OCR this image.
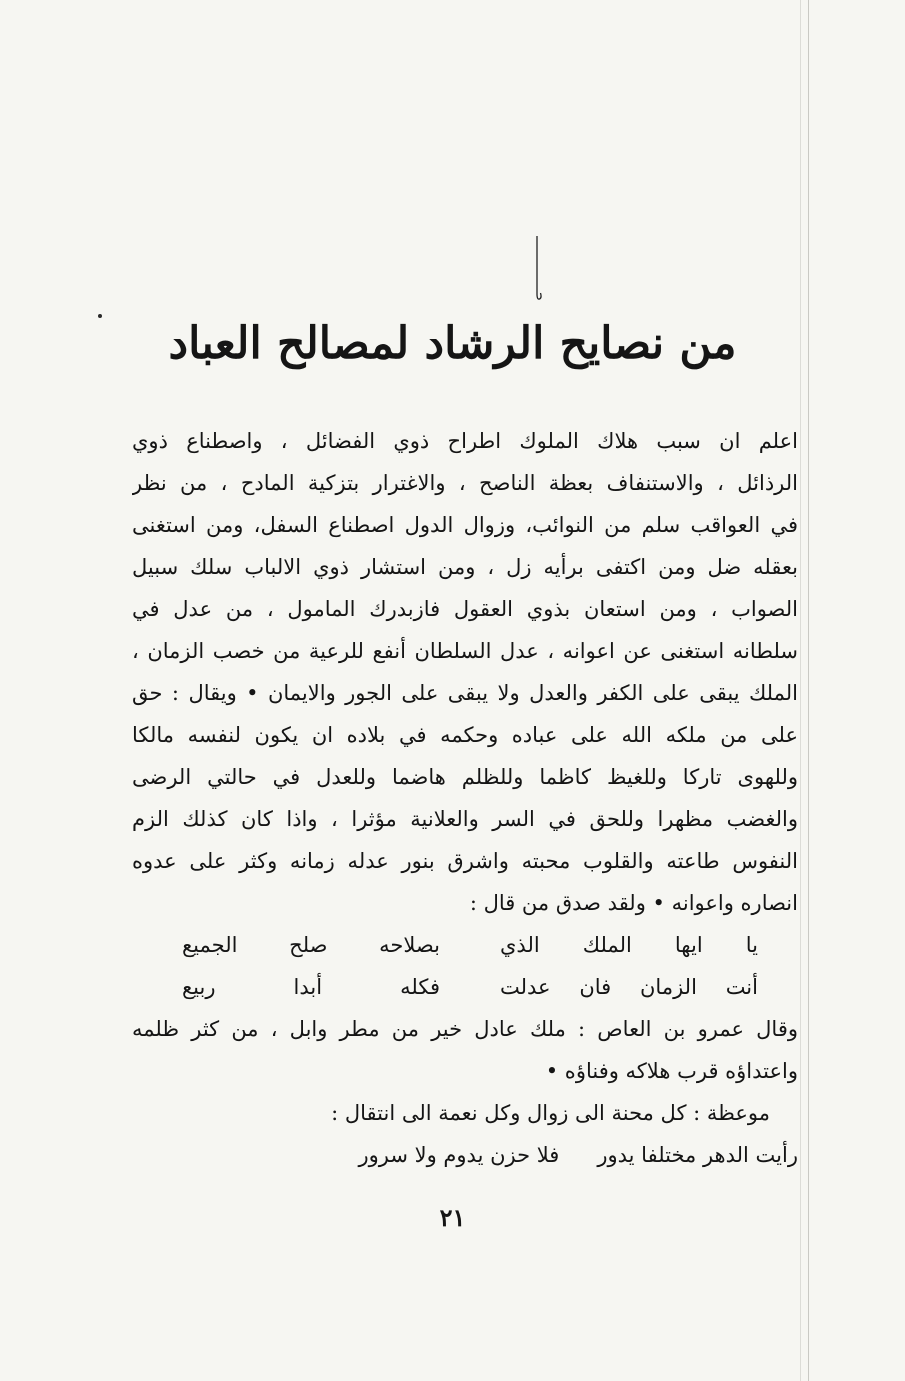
من نصايح الرشاد لمصالح العباد
اعلم ان سبب هلاك الملوك اطراح ذوي الفضائل ، واصطناع ذوي
الرذائل ، والاستنفاف بعظة الناصح ، والاغترار بتزكية المادح ، من نظر
في العواقب سلم من النوائب، وزوال الدول اصطناع السفل، ومن استغنى
بعقله ضل ومن اكتفى برأيه زل ، ومن استشار ذوي الالباب سلك سبيل
الصواب ، ومن استعان بذوي العقول فازبدرك المامول ، من عدل في
سلطانه استغنى عن اعوانه ، عدل السلطان أنفع للرعية من خصب الزمان ،
الملك يبقى على الكفر والعدل ولا يبقى على الجور والايمان • ويقال : حق
على من ملكه الله على عباده وحكمه في بلاده ان يكون لنفسه مالكا
وللهوى تاركا وللغيظ كاظما وللظلم هاضما وللعدل في حالتي الرضى
والغضب مظهرا وللحق في السر والعلانية مؤثرا ، واذا كان كذلك الزم
النفوس طاعته والقلوب محبته واشرق بنور عدله زمانه وكثر على عدوه
انصاره واعوانه • ولقد صدق من قال :
يا ايها الملك الذي
بصلاحه صلح الجميع
أنت الزمان فان عدلت
فكله أبدا ربيع
وقال عمرو بن العاص : ملك عادل خير من مطر وابل ، من كثر ظلمه
واعتداؤه قرب هلاكه وفناؤه •
موعظة : كل محنة الى زوال وكل نعمة الى انتقال :
رأيت الدهر مختلفا يدور
فلا حزن يدوم ولا سرور
٢١
